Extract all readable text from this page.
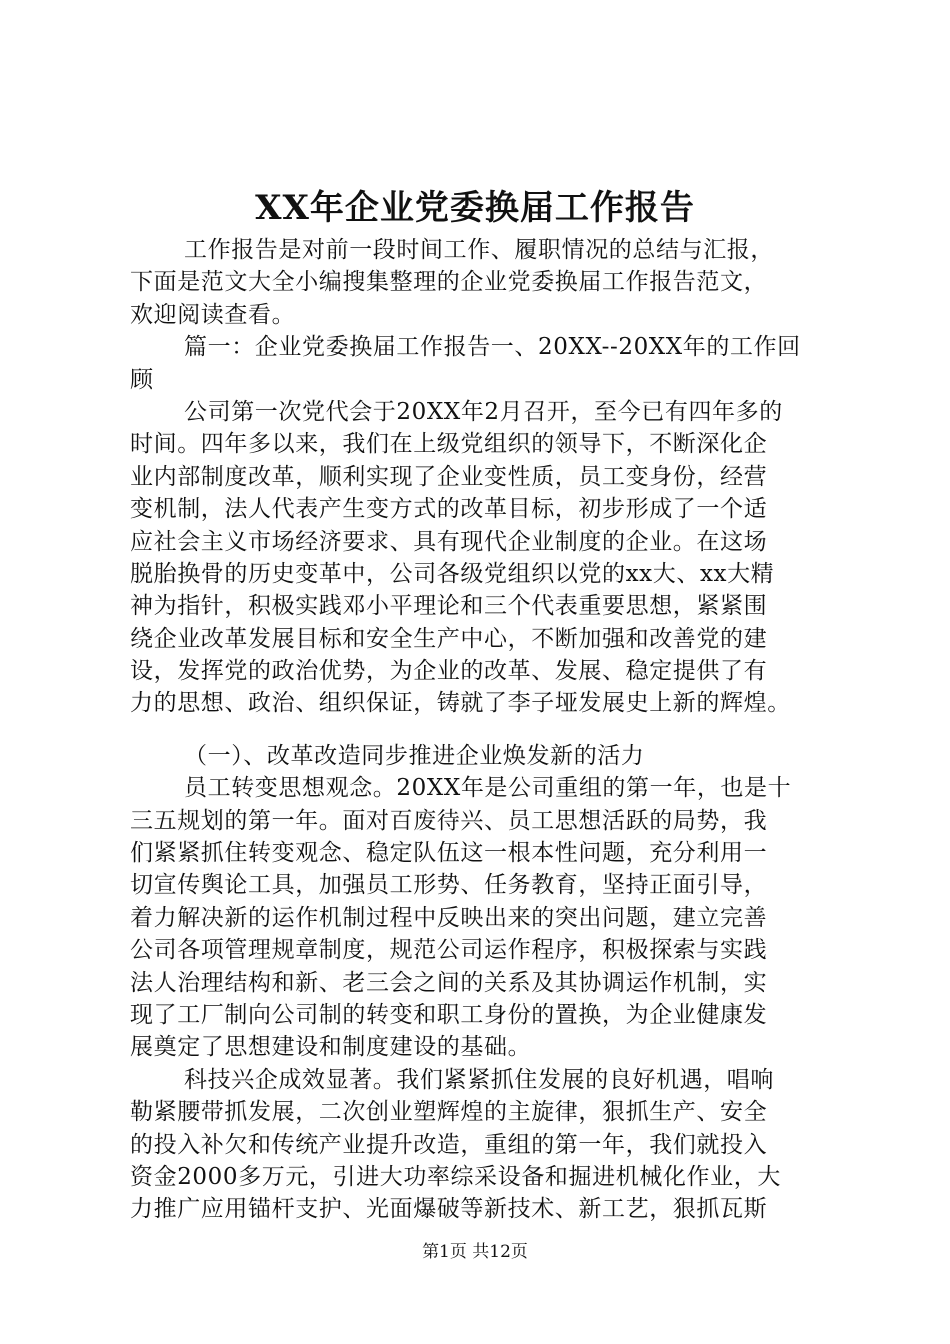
XX年企业党委换届工作报告
工作报告是对前一段时间工作、履职情况的总结与汇报，
下面是范文大全小编搜集整理的企业党委换届工作报告范文，
欢迎阅读查看。
篇一：企业党委换届工作报告一、20XX--20XX年的工作回
顾
公司第一次党代会于20XX年2月召开，至今已有四年多的
时间。四年多以来，我们在上级党组织的领导下，不断深化企
业内部制度改革，顺利实现了企业变性质，员工变身份，经营
变机制，法人代表产生变方式的改革目标，初步形成了一个适
应社会主义市场经济要求、具有现代企业制度的企业。在这场
脱胎换骨的历史变革中，公司各级党组织以党的xx大、xx大精
神为指针，积极实践邓小平理论和三个代表重要思想，紧紧围
绕企业改革发展目标和安全生产中心，不断加强和改善党的建
设，发挥党的政治优势，为企业的改革、发展、稳定提供了有
力的思想、政治、组织保证，铸就了李子垭发展史上新的辉煌。
（一）、改革改造同步推进企业焕发新的活力
员工转变思想观念。20XX年是公司重组的第一年，也是十
三五规划的第一年。面对百废待兴、员工思想活跃的局势，我
们紧紧抓住转变观念、稳定队伍这一根本性问题，充分利用一
切宣传舆论工具，加强员工形势、任务教育，坚持正面引导，
着力解决新的运作机制过程中反映出来的突出问题，建立完善
公司各项管理规章制度，规范公司运作程序，积极探索与实践
法人治理结构和新、老三会之间的关系及其协调运作机制，实
现了工厂制向公司制的转变和职工身份的置换，为企业健康发
展奠定了思想建设和制度建设的基础。
科技兴企成效显著。我们紧紧抓住发展的良好机遇，唱响
勒紧腰带抓发展，二次创业塑辉煌的主旋律，狠抓生产、安全
的投入补欠和传统产业提升改造，重组的第一年，我们就投入
资金2000多万元，引进大功率综采设备和掘进机械化作业，大
力推广应用锚杆支护、光面爆破等新技术、新工艺，狠抓瓦斯
第1页 共12页
